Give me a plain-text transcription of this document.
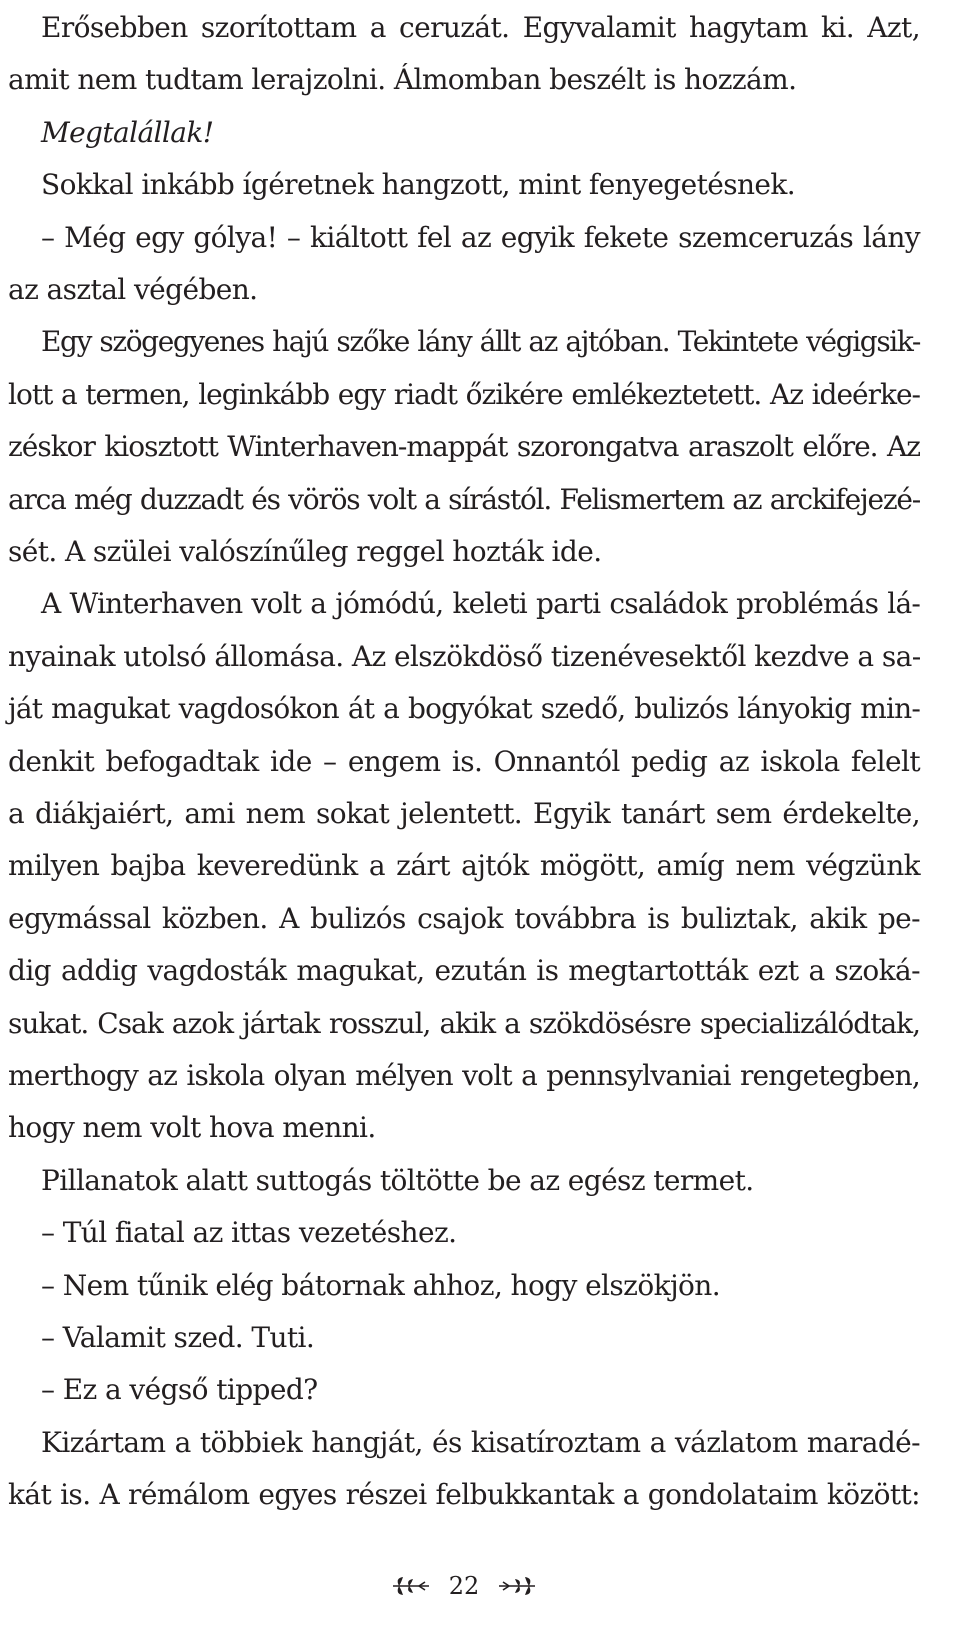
Erősebben szorítottam a ceruzát. Egyvalamit hagytam ki. Azt,
amit nem tudtam lerajzolni. Álmomban beszélt is hozzám.
Megtalállak!
Sokkal inkább ígéretnek hangzott, mint fenyegetésnek.
– Még egy gólya! – kiáltott fel az egyik fekete szemceruzás lány
az asztal végében.
Egy szögegyenes hajú szőke lány állt az ajtóban. Tekintete végigsik-
lott a termen, leginkább egy riadt őzikére emlékeztetett. Az ideérke-
zéskor kiosztott Winterhaven-mappát szorongatva araszolt előre. Az
arca még duzzadt és vörös volt a sírástól. Felismertem az arckifejezé-
sét. A szülei valószínűleg reggel hozták ide.
A Winterhaven volt a jómódú, keleti parti családok problémás lá-
nyainak utolsó állomása. Az elszökdöső tizenévesektől kezdve a sa-
ját magukat vagdosókon át a bogyókat szedő, bulizós lányokig min-
denkit befogadtak ide – engem is. Onnantól pedig az iskola felelt
a diákjaiért, ami nem sokat jelentett. Egyik tanárt sem érdekelte,
milyen bajba keveredünk a zárt ajtók mögött, amíg nem végzünk
egymással közben. A bulizós csajok továbbra is buliztak, akik pe-
dig addig vagdosták magukat, ezután is megtartották ezt a szoká-
sukat. Csak azok jártak rosszul, akik a szökdösésre specializálódtak,
merthogy az iskola olyan mélyen volt a pennsylvaniai rengetegben,
hogy nem volt hova menni.
Pillanatok alatt suttogás töltötte be az egész termet.
– Túl fiatal az ittas vezetéshez.
– Nem tűnik elég bátornak ahhoz, hogy elszökjön.
– Valamit szed. Tuti.
– Ez a végső tipped?
Kizártam a többiek hangját, és kisatíroztam a vázlatom maradé-
kát is. A rémálom egyes részei felbukkantak a gondolataim között:
22
